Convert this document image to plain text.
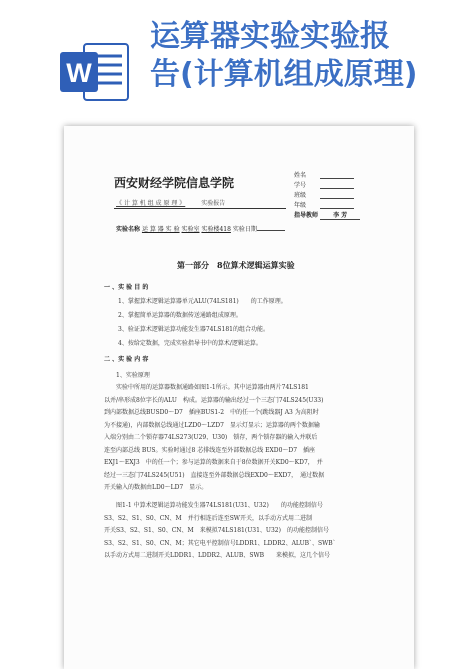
W
运算器实验实验报
告(计算机组成原理)
西安财经学院信息学院
《 计 算 机 组 成 原 理 》	实验报告
姓名
学号
班级
年级
指导教师	李 芳
实验名称 运 算 器 实 验 实验室 实验楼418 实验日期
第一部分　8位算术逻辑运算实验
一 、实 验 目 的
1、掌握算术逻辑运算器单元ALU(74LS181)　　的工作原理。
2、掌握简单运算器的数据传送通路组成原理。
3、验证算术逻辑运算功能发生器74LS181的组合功能。
4、按给定数据，完成实验指导书中的算术/逻辑运算。
二 、实 验 内 容
1、实验原理
实验中所用的运算器数据通路如图1-1所示。其中运算器由两片74LS181
以并/串形成8位字长的ALU　构成。运算器的输出经过一个三态门74LS245(U33)
到内部数据总线BUSD0～D7　插座BUS1-2　中的任一个(跳线器J A3 为高阻时
为不接通)，内部数据总线通过LZD0～LZD7　显示灯显示；运算器的两个数据输
入端分别由二个锁存器74LS273(U29、U30)　锁存，两个锁存器的输入并联后
连至内部总线 BUS。实验时通过8 芯排线连至外部数据总线 EXD0～D7　插座
EXJ1～EXJ3　中的任一个；参与运算的数据来自于8位数据开关KD0～KD7，　并
经过一三态门74LS245(U51)　直接连至外部数据总线EXD0～EXD7，　通过数据
开关输入的数据由LD0～LD7　显示。
图1-1 中算术逻辑运算功能发生器74LS181(U31、U32)　　的功能控制信号
S3、S2、S1、S0、CN、M　并行相连后连至SW开关，以手动方式用二进制
开关S3、S2、S1、S0、CN、M　来模拟74LS181(U31、U32)　的功能控制信号
S3、S2、S1、S0、CN、M；其它电平控制信号LDDR1、LDDR2、ALUB`、SWB`
以手动方式用二进制开关LDDR1、LDDR2、ALUB、SWB　　来模拟，这几个信号
